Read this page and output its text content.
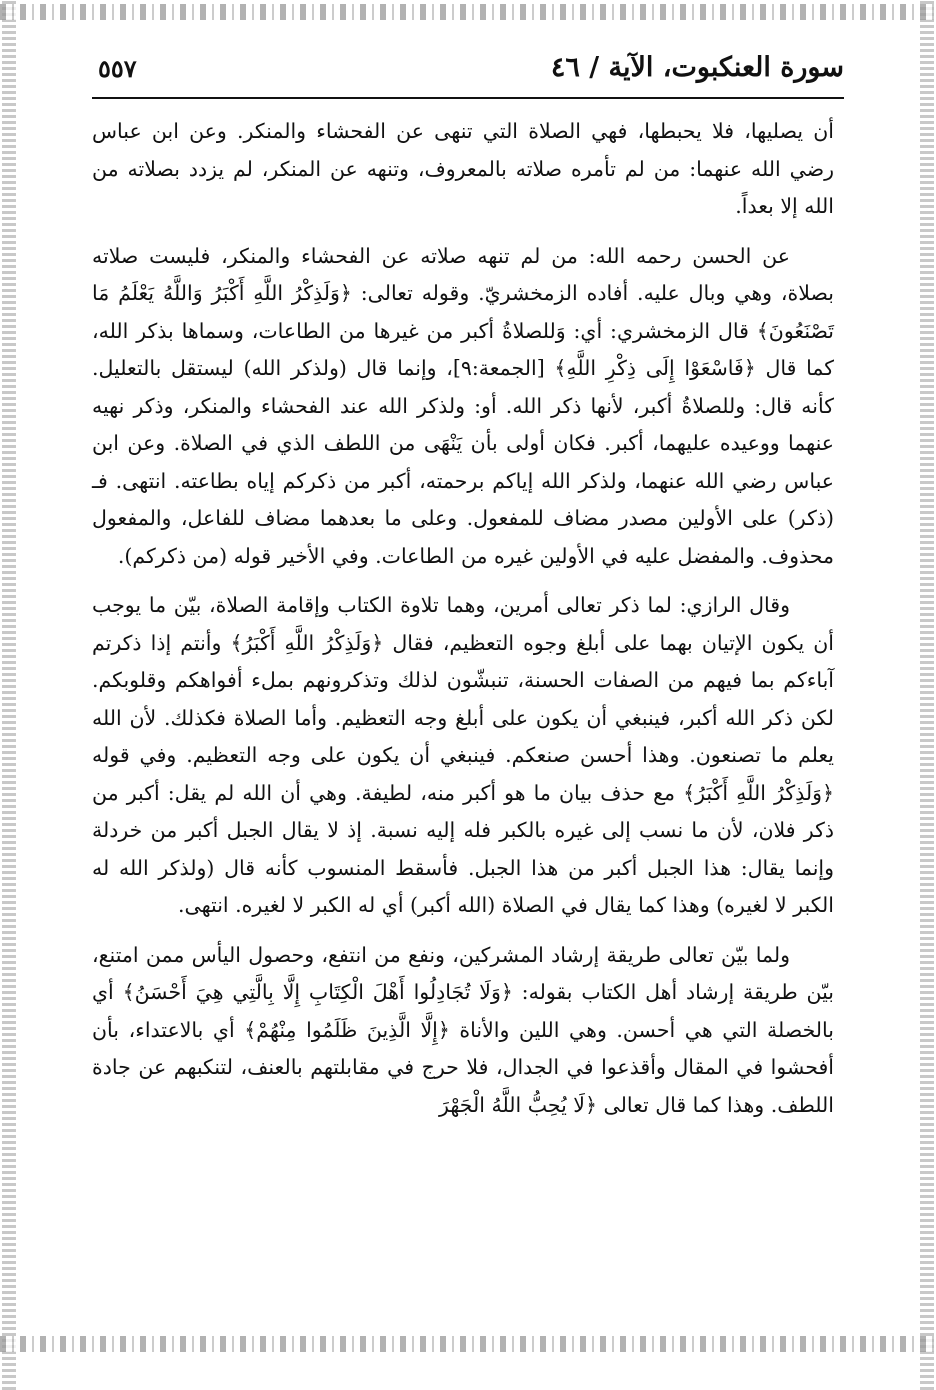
سورة العنكبوت، الآية / ٤٦
٥٥٧

أن يصليها، فلا يحبطها، فهي الصلاة التي تنهى عن الفحشاء والمنكر. وعن ابن عباس رضي الله عنهما: من لم تأمره صلاته بالمعروف، وتنهه عن المنكر، لم يزدد بصلاته من الله إلا بعداً.

عن الحسن رحمه الله: من لم تنهه صلاته عن الفحشاء والمنكر، فليست صلاته بصلاة، وهي وبال عليه. أفاده الزمخشريّ. وقوله تعالى: ﴿وَلَذِكْرُ اللَّهِ أَكْبَرُ وَاللَّهُ يَعْلَمُ مَا تَصْنَعُونَ﴾ قال الزمخشري: أي: وَللصلاةُ أكبر من غيرها من الطاعات، وسماها بذكر الله، كما قال ﴿فَاسْعَوْا إِلَى ذِكْرِ اللَّهِ﴾ [الجمعة:٩]، وإنما قال (ولذكر الله) ليستقل بالتعليل. كأنه قال: وللصلاةُ أكبر، لأنها ذكر الله. أو: ولذكر الله عند الفحشاء والمنكر، وذكر نهيه عنهما ووعيده عليهما، أكبر. فكان أولى بأن يَنْهَى من اللطف الذي في الصلاة. وعن ابن عباس رضي الله عنهما، ولذكر الله إياكم برحمته، أكبر من ذكركم إياه بطاعته. انتهى. فـ (ذكر) على الأولين مصدر مضاف للمفعول. وعلى ما بعدهما مضاف للفاعل، والمفعول محذوف. والمفضل عليه في الأولين غيره من الطاعات. وفي الأخير قوله (من ذكركم).

وقال الرازي: لما ذكر تعالى أمرين، وهما تلاوة الكتاب وإقامة الصلاة، بيّن ما يوجب أن يكون الإتيان بهما على أبلغ وجوه التعظيم، فقال ﴿وَلَذِكْرُ اللَّهِ أَكْبَرُ﴾ وأنتم إذا ذكرتم آباءكم بما فيهم من الصفات الحسنة، تنبشّون لذلك وتذكرونهم بملء أفواهكم وقلوبكم. لكن ذكر الله أكبر، فينبغي أن يكون على أبلغ وجه التعظيم. وأما الصلاة فكذلك. لأن الله يعلم ما تصنعون. وهذا أحسن صنعكم. فينبغي أن يكون على وجه التعظيم. وفي قوله ﴿وَلَذِكْرُ اللَّهِ أَكْبَرُ﴾ مع حذف بيان ما هو أكبر منه، لطيفة. وهي أن الله لم يقل: أكبر من ذكر فلان، لأن ما نسب إلى غيره بالكبر فله إليه نسبة. إذ لا يقال الجبل أكبر من خردلة وإنما يقال: هذا الجبل أكبر من هذا الجبل. فأسقط المنسوب كأنه قال (ولذكر الله له الكبر لا لغيره) وهذا كما يقال في الصلاة (الله أكبر) أي له الكبر لا لغيره. انتهى.

ولما بيّن تعالى طريقة إرشاد المشركين، ونفع من انتفع، وحصول اليأس ممن امتنع، بيّن طريقة إرشاد أهل الكتاب بقوله: ﴿وَلَا تُجَادِلُوا أَهْلَ الْكِتَابِ إِلَّا بِالَّتِي هِيَ أَحْسَنُ﴾ أي بالخصلة التي هي أحسن. وهي اللين والأناة ﴿إِلَّا الَّذِينَ ظَلَمُوا مِنْهُمْ﴾ أي بالاعتداء، بأن أفحشوا في المقال وأقذعوا في الجدال، فلا حرج في مقابلتهم بالعنف، لتنكبهم عن جادة اللطف. وهذا كما قال تعالى ﴿لَا يُحِبُّ اللَّهُ الْجَهْرَ
